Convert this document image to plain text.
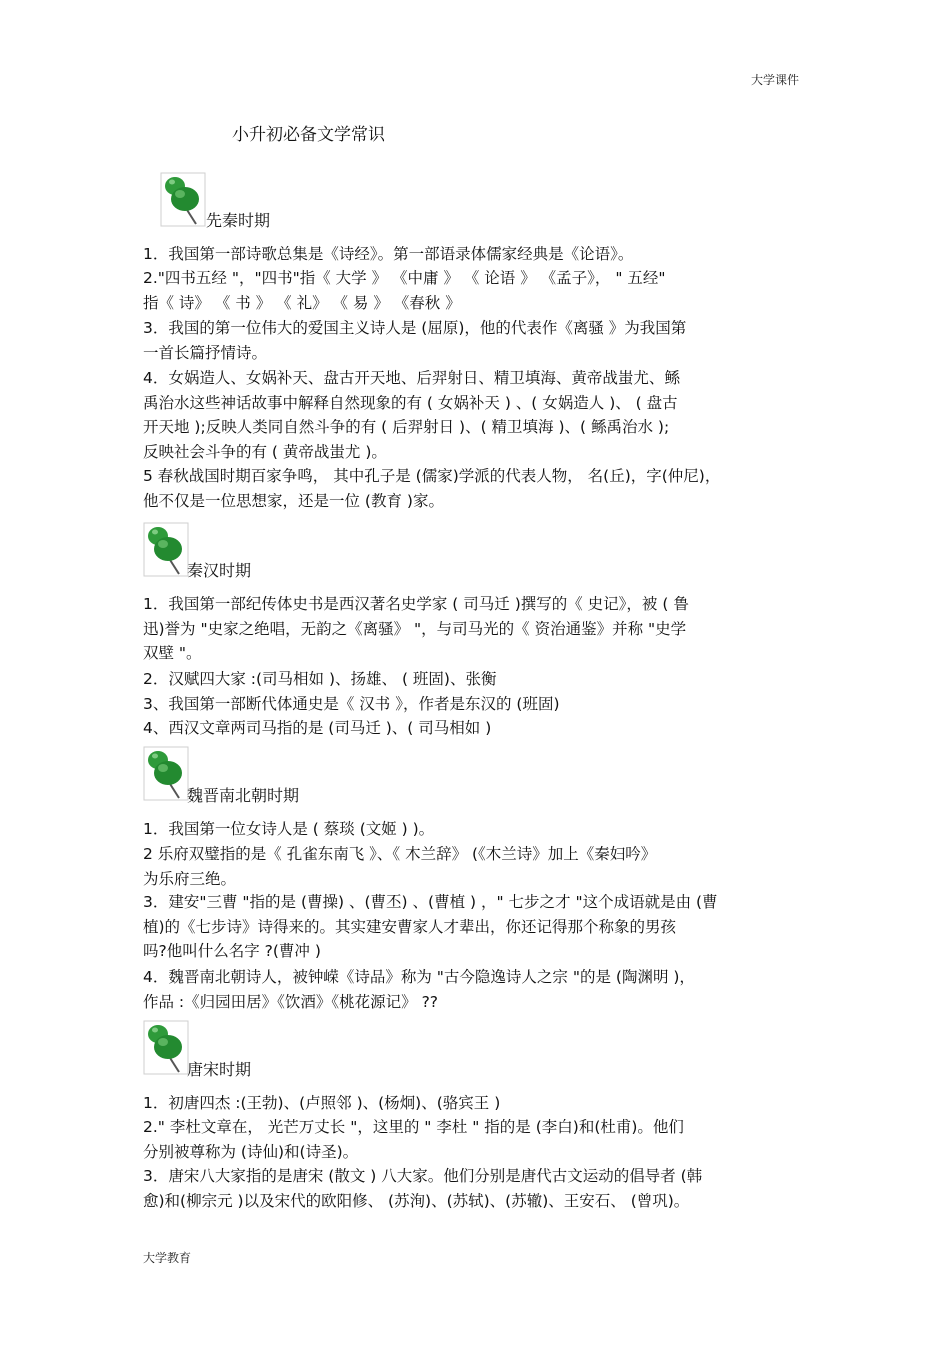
大学课件
小升初必备文学常识
先秦时期
1．我国第一部诗歌总集是《诗经》。第一部语录体儒家经典是《论语》。
2."四书五经 "，"四书"指《 大学 》 《中庸 》 《 论语 》 《孟子》， " 五经"
指《 诗》 《 书 》 《 礼》 《 易 》 《春秋 》
3．我国的第一位伟大的爱国主义诗人是 (屈原)，他的代表作《离骚 》为我国第
一首长篇抒情诗。
4．女娲造人、女娲补天、盘古开天地、后羿射日、精卫填海、黄帝战蚩尤、鲧
禹治水这些神话故事中解释自然现象的有 ( 女娲补天 ) 、( 女娲造人 )、 ( 盘古
开天地 );反映人类同自然斗争的有 ( 后羿射日 )、( 精卫填海 )、( 鲧禹治水 );
反映社会斗争的有 ( 黄帝战蚩尤 )。
5 春秋战国时期百家争鸣， 其中孔子是 (儒家)学派的代表人物， 名(丘)，字(仲尼)，
他不仅是一位思想家，还是一位 (教育 )家。
秦汉时期
1．我国第一部纪传体史书是西汉著名史学家 ( 司马迁 )撰写的《 史记》，被 ( 鲁
迅)誉为 "史家之绝唱，无韵之《离骚》 "，与司马光的《 资治通鉴》并称 "史学
双壁 "。
2．汉赋四大家 :(司马相如 )、扬雄、 ( 班固)、张衡
3、我国第一部断代体通史是《 汉书 》，作者是东汉的 (班固)
4、西汉文章两司马指的是 (司马迁 )、( 司马相如 )
魏晋南北朝时期
1．我国第一位女诗人是 ( 蔡琰 (文姬 ) )。
2 乐府双璧指的是《 孔雀东南飞 》、《 木兰辞》 (《木兰诗》加上《秦妇吟》
为乐府三绝。
3．建安"三曹 "指的是 (曹操) 、(曹丕) 、(曹植 ) ，" 七步之才 "这个成语就是由 (曹
植)的《七步诗》诗得来的。其实建安曹家人才辈出，你还记得那个称象的男孩
吗?他叫什么名字 ?(曹冲 )
4．魏晋南北朝诗人，被钟嵘《诗品》称为 "古今隐逸诗人之宗 "的是 (陶渊明 )，
作品 :《归园田居》《饮酒》《桃花源记》 ??
唐宋时期
1．初唐四杰 :(王勃)、(卢照邻 )、(杨炯)、(骆宾王 )
2." 李杜文章在， 光芒万丈长 "，这里的 " 李杜 " 指的是 (李白)和(杜甫)。他们
分别被尊称为 (诗仙)和(诗圣)。
3．唐宋八大家指的是唐宋 (散文 ) 八大家。他们分别是唐代古文运动的倡导者 (韩
愈)和(柳宗元 )以及宋代的欧阳修、 (苏洵)、(苏轼)、(苏辙)、王安石、 (曾巩)。
大学教育
